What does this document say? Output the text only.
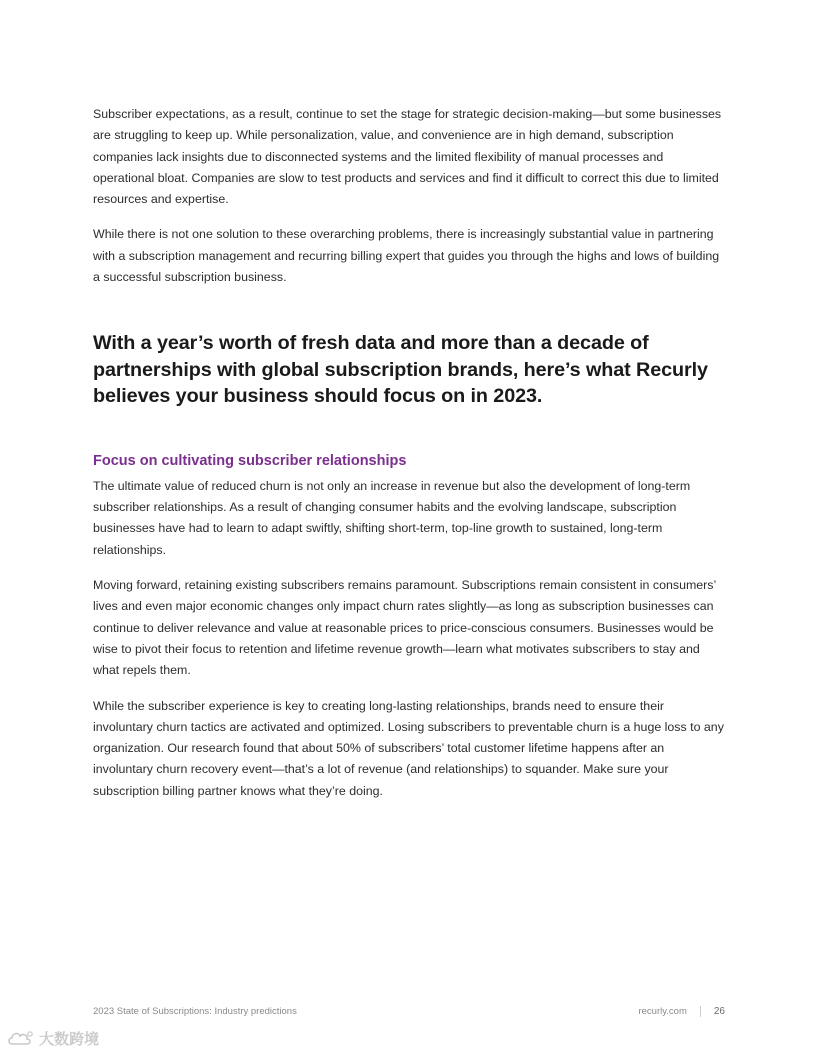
Subscriber expectations, as a result, continue to set the stage for strategic decision-making—but some businesses are struggling to keep up. While personalization, value, and convenience are in high demand, subscription companies lack insights due to disconnected systems and the limited flexibility of manual processes and operational bloat. Companies are slow to test products and services and find it difficult to correct this due to limited resources and expertise.

While there is not one solution to these overarching problems, there is increasingly substantial value in partnering with a subscription management and recurring billing expert that guides you through the highs and lows of building a successful subscription business.

With a year’s worth of fresh data and more than a decade of partnerships with global subscription brands, here’s what Recurly believes your business should focus on in 2023.
Focus on cultivating subscriber relationships

The ultimate value of reduced churn is not only an increase in revenue but also the development of long-term subscriber relationships. As a result of changing consumer habits and the evolving landscape, subscription businesses have had to learn to adapt swiftly, shifting short-term, top-line growth to sustained, long-term relationships.

Moving forward, retaining existing subscribers remains paramount. Subscriptions remain consistent in consumers’ lives and even major economic changes only impact churn rates slightly—as long as subscription businesses can continue to deliver relevance and value at reasonable prices to price-conscious consumers. Businesses would be wise to pivot their focus to retention and lifetime revenue growth—learn what motivates subscribers to stay and what repels them.

While the subscriber experience is key to creating long-lasting relationships, brands need to ensure their involuntary churn tactics are activated and optimized. Losing subscribers to preventable churn is a huge loss to any organization. Our research found that about 50% of subscribers’ total customer lifetime happens after an involuntary churn recovery event—that’s a lot of revenue (and relationships) to squander. Make sure your subscription billing partner knows what they’re doing.

2023 State of Subscriptions: Industry predictions	recurly.com	26
大数跨境
